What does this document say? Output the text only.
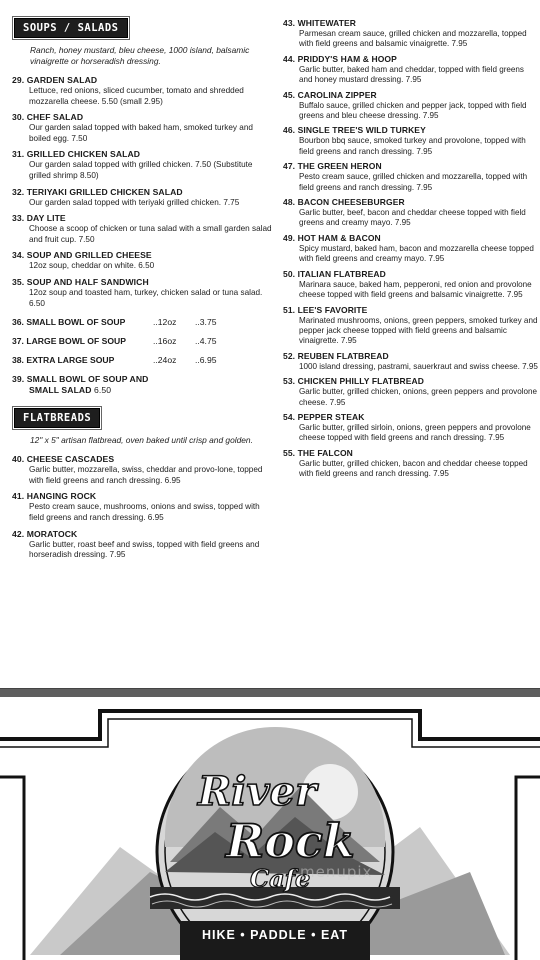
SOUPS / SALADS
Ranch, honey mustard, bleu cheese, 1000 island, balsamic vinaigrette or horseradish dressing.
29. GARDEN SALAD
Lettuce, red onions, sliced cucumber, tomato and shredded mozzarella cheese. 5.50 (small 2.95)
30. CHEF SALAD
Our garden salad topped with baked ham, smoked turkey and boiled egg. 7.50
31. GRILLED CHICKEN SALAD
Our garden salad topped with grilled chicken. 7.50 (Substitute grilled shrimp 8.50)
32. TERIYAKI GRILLED CHICKEN SALAD
Our garden salad topped with teriyaki grilled chicken. 7.75
33. DAY LITE
Choose a scoop of chicken or tuna salad with a small garden salad and fruit cup. 7.50
34. SOUP AND GRILLED CHEESE
12oz soup, cheddar on white. 6.50
35. SOUP AND HALF SANDWICH
12oz soup and toasted ham, turkey, chicken salad or tuna salad. 6.50
36. SMALL BOWL OF SOUP	..12oz	..3.75
37. LARGE BOWL OF SOUP	..16oz	..4.75
38. EXTRA LARGE SOUP	..24oz	..6.95
39. SMALL BOWL OF SOUP AND
SMALL SALAD 6.50
FLATBREADS
12" x 5" artisan flatbread, oven baked until crisp and golden.
40. CHEESE CASCADES
Garlic butter, mozzarella, swiss, cheddar and provo-lone, topped with field greens and ranch dressing. 6.95
41. HANGING ROCK
Pesto cream sauce, mushrooms, onions and swiss, topped with field greens and ranch dressing. 6.95
42. MORATOCK
Garlic butter, roast beef and swiss, topped with field greens and horseradish dressing. 7.95
43. WHITEWATER
Parmesan cream sauce, grilled chicken and mozzarella, topped with field greens and balsamic vinaigrette. 7.95
44. PRIDDY'S HAM & HOOP
Garlic butter, baked ham and cheddar, topped with field greens and honey mustard dressing. 7.95
45. CAROLINA ZIPPER
Buffalo sauce, grilled chicken and pepper jack, topped with field greens and bleu cheese dressing. 7.95
46. SINGLE TREE'S WILD TURKEY
Bourbon bbq sauce, smoked turkey and provolone, topped with field greens and ranch dressing. 7.95
47. THE GREEN HERON
Pesto cream sauce, grilled chicken and mozzarella, topped with field greens and ranch dressing. 7.95
48. BACON CHEESEBURGER
Garlic butter, beef, bacon and cheddar cheese topped with field greens and creamy mayo. 7.95
49. HOT HAM & BACON
Spicy mustard, baked ham, bacon and mozzarella cheese topped with field greens and creamy mayo. 7.95
50. ITALIAN FLATBREAD
Marinara sauce, baked ham, pepperoni, red onion and provolone cheese topped with field greens and balsamic vinaigrette. 7.95
51. LEE'S FAVORITE
Marinated mushrooms, onions, green peppers, smoked turkey and pepper jack cheese topped with field greens and balsamic vinaigrette. 7.95
52. REUBEN FLATBREAD
1000 island dressing, pastrami, sauerkraut and swiss cheese. 7.95
53. CHICKEN PHILLY FLATBREAD
Garlic butter, grilled chicken, onions, green peppers and provolone cheese. 7.95
54. PEPPER STEAK
Garlic butter, grilled sirloin, onions, green peppers and provolone cheese topped with field greens and ranch dressing. 7.95
55. THE FALCON
Garlic butter, grilled chicken, bacon and cheddar cheese topped with field greens and ranch dressing. 7.95
River
Rock
Cafe
menupix
HIKE • PADDLE • EAT
